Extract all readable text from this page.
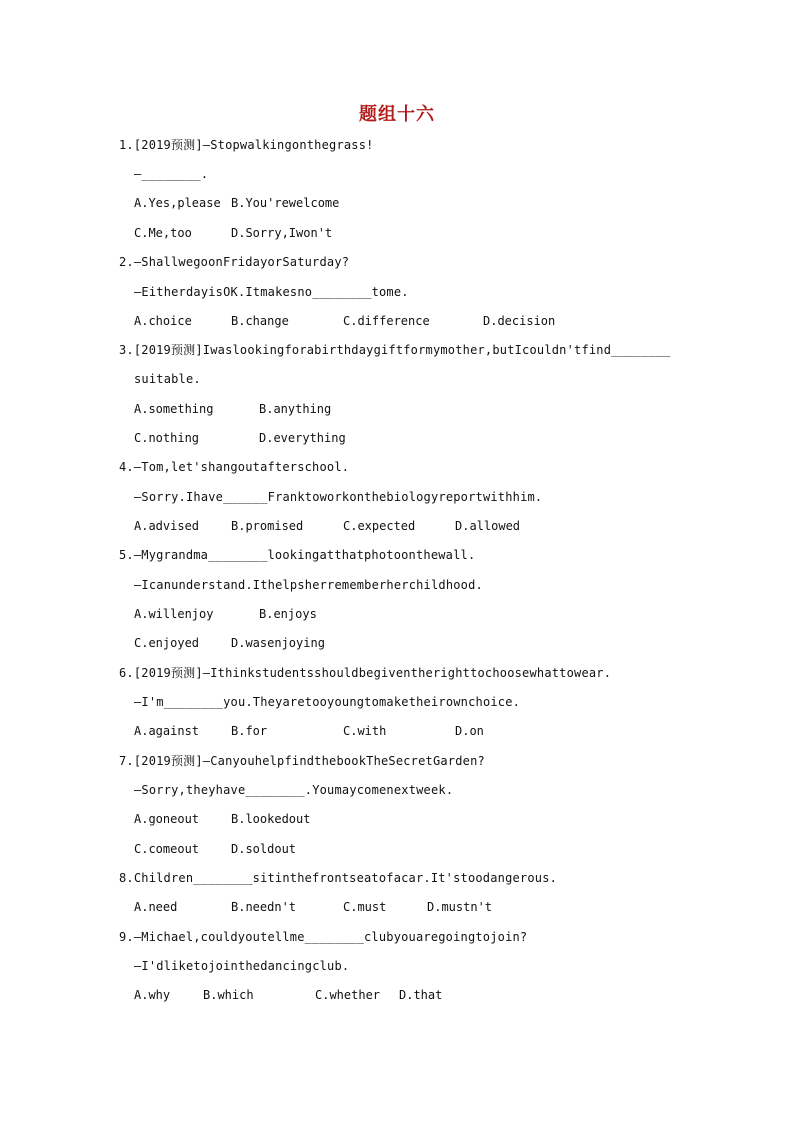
题组十六
1.[2019预测]—Stopwalkingonthegrass!
—________.
A.Yes,please B.You'rewelcome
C.Me,too	D.Sorry,Iwon't
2.—ShallwegoonFridayorSaturday?
—EitherdayisOK.Itmakesno________tome.
A.choice	B.change	C.difference	D.decision
3.[2019预测]Iwaslookingforabirthdaygiftformymother,butIcouldn'tfind________
suitable.
A.something	B.anything
C.nothing	D.everything
4.—Tom,let'shangoutafterschool.
—Sorry.Ihave______Franktoworkonthebiologyreportwithhim.
A.advised	B.promised	C.expected	D.allowed
5.—Mygrandma________lookingatthatphotoonthewall.
—Icanunderstand.Ithelpsherrememberherchildhood.
A.willenjoy	B.enjoys
C.enjoyed	D.wasenjoying
6.[2019预测]—Ithinkstudentsshouldbegiventherighttochoosewhattowear.
—I'm________you.Theyaretooyoungtomaketheirownchoice.
A.against	B.for	C.with	D.on
7.[2019预测]—CanyouhelpfindthebookTheSecretGarden?
—Sorry,theyhave________.Youmaycomenextweek.
A.goneout	B.lookedout
C.comeout	D.soldout
8.Children________sitinthefrontseatofacar.It'stoodangerous.
A.need	B.needn't	C.must	D.mustn't
9.—Michael,couldyoutellme________clubyouaregoingtojoin?
—I'dliketojointhedancingclub.
A.why	B.which	C.whether D.that
